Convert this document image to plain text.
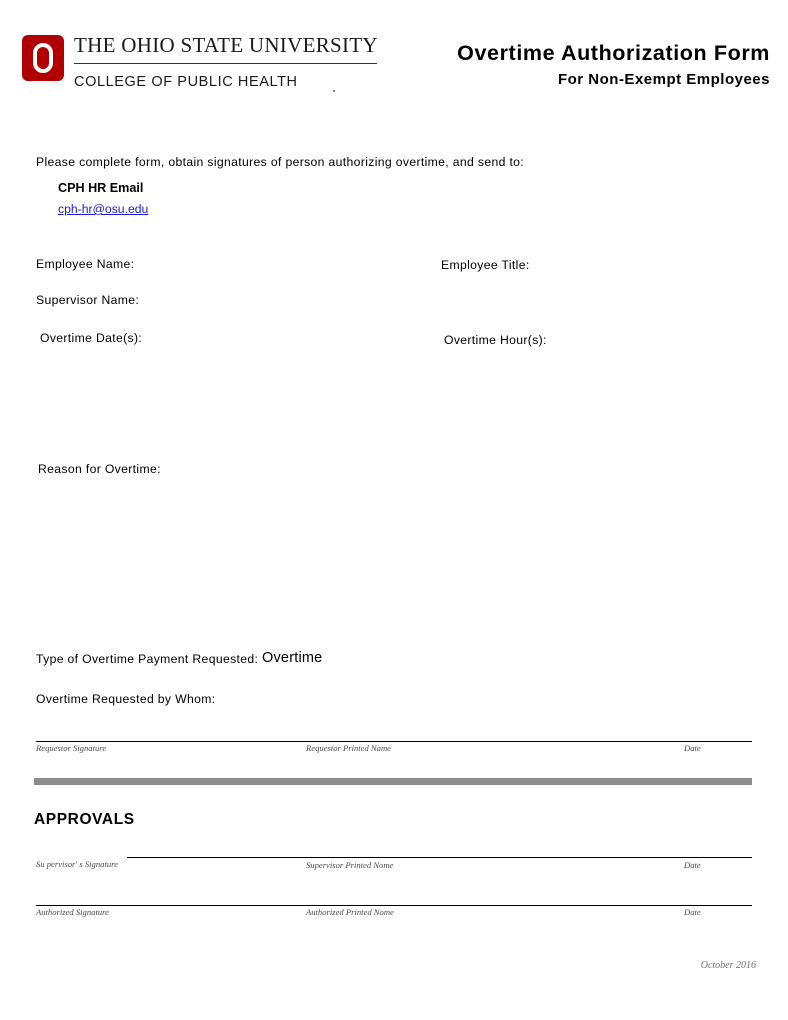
THE OHIO STATE UNIVERSITY
COLLEGE OF PUBLIC HEALTH
Overtime Authorization Form
For Non-Exempt Employees
Please complete form, obtain signatures of person authorizing overtime, and send to:
CPH HR Email
cph-hr@osu.edu
Employee Name:	Employee Title:
Supervisor Name:
Overtime Date(s):	Overtime Hour(s):
Reason for Overtime:
Type of Overtime Payment Requested: Overtime
Overtime Requested by Whom:
Requestor Signature	Requestor Printed Name	Date
APPROVALS
Su pervisor' s Signature	Supervisor Printed Nome	Date
Authorized Signature	Authorized Printed Nome	Date
October 2016
